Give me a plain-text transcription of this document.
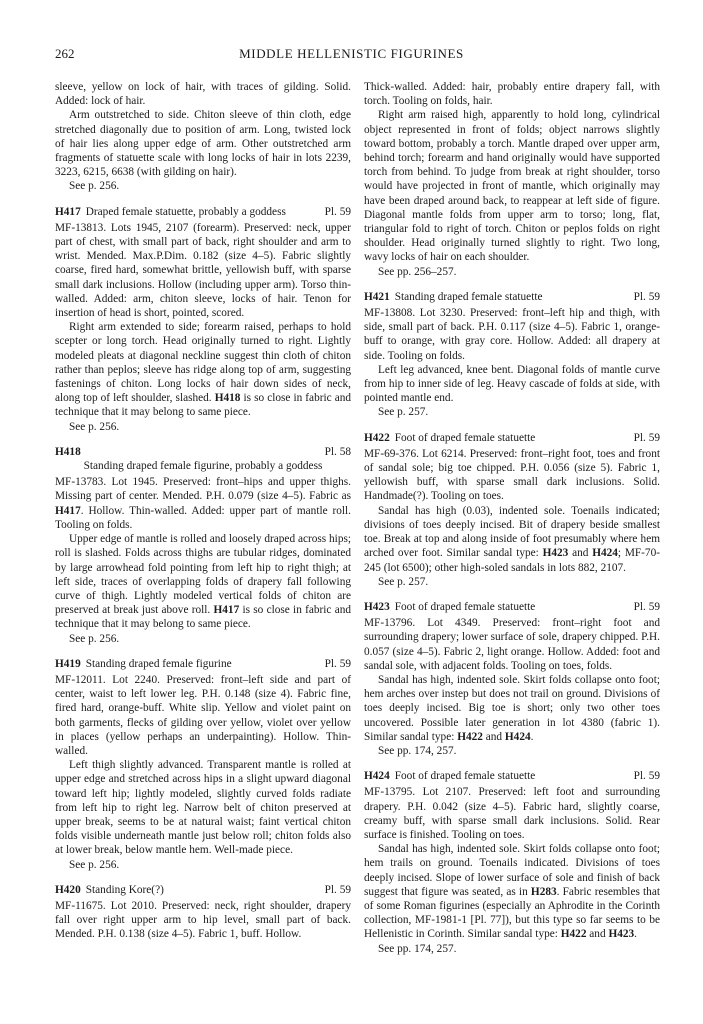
262	MIDDLE HELLENISTIC FIGURINES

sleeve, yellow on lock of hair, with traces of gilding. Solid. Added: lock of hair.

Arm outstretched to side. Chiton sleeve of thin cloth, edge stretched diagonally due to position of arm. Long, twisted lock of hair lies along upper edge of arm. Other outstretched arm fragments of statuette scale with long locks of hair in lots 2239, 3223, 6215, 6638 (with gilding on hair).

See p. 256.

H417 Draped female statuette, probably a goddess	Pl. 59

MF-13813. Lots 1945, 2107 (forearm). Preserved: neck, upper part of chest, with small part of back, right shoulder and arm to wrist. Mended. Max.P.Dim. 0.182 (size 4–5). Fabric slightly coarse, fired hard, somewhat brittle, yellowish buff, with sparse small dark inclusions. Hollow (including upper arm). Torso thin-walled. Added: arm, chiton sleeve, locks of hair. Tenon for insertion of head is short, pointed, scored.

Right arm extended to side; forearm raised, perhaps to hold scepter or long torch. Head originally turned to right. Lightly modeled pleats at diagonal neckline suggest thin cloth of chiton rather than peplos; sleeve has ridge along top of arm, suggesting fastenings of chiton. Long locks of hair down sides of neck, along top of left shoulder, slashed. H418 is so close in fabric and technique that it may belong to same piece.

See p. 256.

H418	Pl. 58
Standing draped female figurine, probably a goddess

MF-13783. Lot 1945. Preserved: front–hips and upper thighs. Missing part of center. Mended. P.H. 0.079 (size 4–5). Fabric as H417. Hollow. Thin-walled. Added: upper part of mantle roll. Tooling on folds.

Upper edge of mantle is rolled and loosely draped across hips; roll is slashed. Folds across thighs are tubular ridges, dominated by large arrowhead fold pointing from left hip to right thigh; at left side, traces of overlapping folds of drapery fall following curve of thigh. Lightly modeled vertical folds of chiton are preserved at break just above roll. H417 is so close in fabric and technique that it may belong to same piece.

See p. 256.

H419 Standing draped female figurine	Pl. 59

MF-12011. Lot 2240. Preserved: front–left side and part of center, waist to left lower leg. P.H. 0.148 (size 4). Fabric fine, fired hard, orange-buff. White slip. Yellow and violet paint on both garments, flecks of gilding over yellow, violet over yellow in places (yellow perhaps an underpainting). Hollow. Thin-walled.

Left thigh slightly advanced. Transparent mantle is rolled at upper edge and stretched across hips in a slight upward diagonal toward left hip; lightly modeled, slightly curved folds radiate from left hip to right leg. Narrow belt of chiton preserved at upper break, seems to be at natural waist; faint vertical chiton folds visible underneath mantle just below roll; chiton folds also at lower break, below mantle hem. Well-made piece.

See p. 256.

H420 Standing Kore(?)	Pl. 59

MF-11675. Lot 2010. Preserved: neck, right shoulder, drapery fall over right upper arm to hip level, small part of back. Mended. P.H. 0.138 (size 4–5). Fabric 1, buff. Hollow.

Thick-walled. Added: hair, probably entire drapery fall, with torch. Tooling on folds, hair.

Right arm raised high, apparently to hold long, cylindrical object represented in front of folds; object narrows slightly toward bottom, probably a torch. Mantle draped over upper arm, behind torch; forearm and hand originally would have supported torch from behind. To judge from break at right shoulder, torso would have projected in front of mantle, which originally may have been draped around back, to reappear at left side of figure. Diagonal mantle folds from upper arm to torso; long, flat, triangular fold to right of torch. Chiton or peplos folds on right shoulder. Head originally turned slightly to right. Two long, wavy locks of hair on each shoulder.

See pp. 256–257.

H421 Standing draped female statuette	Pl. 59

MF-13808. Lot 3230. Preserved: front–left hip and thigh, with side, small part of back. P.H. 0.117 (size 4–5). Fabric 1, orange-buff to orange, with gray core. Hollow. Added: all drapery at side. Tooling on folds.

Left leg advanced, knee bent. Diagonal folds of mantle curve from hip to inner side of leg. Heavy cascade of folds at side, with pointed mantle end.

See p. 257.

H422 Foot of draped female statuette	Pl. 59

MF-69-376. Lot 6214. Preserved: front–right foot, toes and front of sandal sole; big toe chipped. P.H. 0.056 (size 5). Fabric 1, yellowish buff, with sparse small dark inclusions. Solid. Handmade(?). Tooling on toes.

Sandal has high (0.03), indented sole. Toenails indicated; divisions of toes deeply incised. Bit of drapery beside smallest toe. Break at top and along inside of foot presumably where hem arched over foot. Similar sandal type: H423 and H424; MF-70-245 (lot 6500); other high-soled sandals in lots 882, 2107.

See p. 257.

H423 Foot of draped female statuette	Pl. 59

MF-13796. Lot 4349. Preserved: front–right foot and surrounding drapery; lower surface of sole, drapery chipped. P.H. 0.057 (size 4–5). Fabric 2, light orange. Hollow. Added: foot and sandal sole, with adjacent folds. Tooling on toes, folds.

Sandal has high, indented sole. Skirt folds collapse onto foot; hem arches over instep but does not trail on ground. Divisions of toes deeply incised. Big toe is short; only two other toes uncovered. Possible later generation in lot 4380 (fabric 1). Similar sandal type: H422 and H424.

See pp. 174, 257.

H424 Foot of draped female statuette	Pl. 59

MF-13795. Lot 2107. Preserved: left foot and surrounding drapery. P.H. 0.042 (size 4–5). Fabric hard, slightly coarse, creamy buff, with sparse small dark inclusions. Solid. Rear surface is finished. Tooling on toes.

Sandal has high, indented sole. Skirt folds collapse onto foot; hem trails on ground. Toenails indicated. Divisions of toes deeply incised. Slope of lower surface of sole and finish of back suggest that figure was seated, as in H283. Fabric resembles that of some Roman figurines (especially an Aphrodite in the Corinth collection, MF-1981-1 [Pl. 77]), but this type so far seems to be Hellenistic in Corinth. Similar sandal type: H422 and H423.

See pp. 174, 257.
